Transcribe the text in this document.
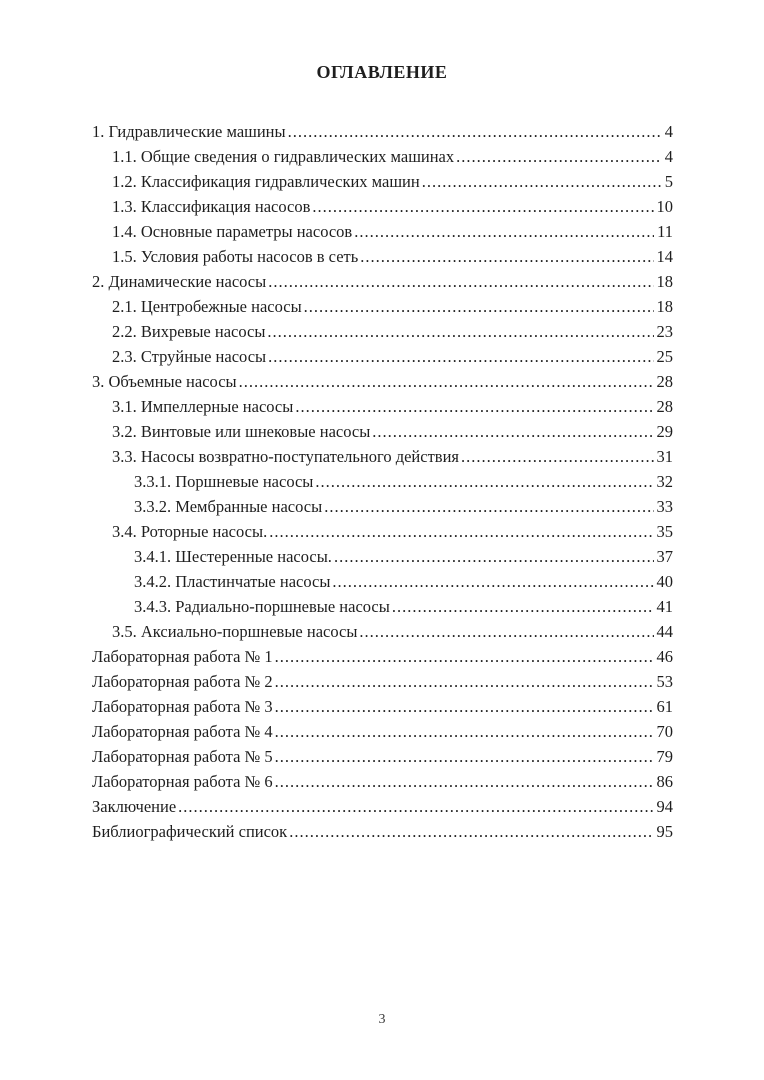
ОГЛАВЛЕНИЕ
1. Гидравлические машины .....	4
1.1. Общие сведения о гидравлических машинах .....	4
1.2. Классификация гидравлических машин .....	5
1.3. Классификация насосов .....	10
1.4. Основные параметры насосов .....	11
1.5. Условия работы насосов в сеть .....	14
2. Динамические насосы .....	18
2.1. Центробежные насосы .....	18
2.2. Вихревые насосы .....	23
2.3. Струйные насосы .....	25
3. Объемные насосы .....	28
3.1. Импеллерные насосы .....	28
3.2. Винтовые или шнековые насосы .....	29
3.3. Насосы возвратно-поступательного действия .....	31
3.3.1. Поршневые насосы .....	32
3.3.2. Мембранные насосы .....	33
3.4. Роторные насосы. .....	35
3.4.1. Шестеренные насосы. .....	37
3.4.2. Пластинчатые насосы .....	40
3.4.3. Радиально-поршневые насосы .....	41
3.5. Аксиально-поршневые насосы .....	44
Лабораторная работа № 1 .....	46
Лабораторная работа № 2 .....	53
Лабораторная работа № 3 .....	61
Лабораторная работа № 4 .....	70
Лабораторная работа № 5 .....	79
Лабораторная работа № 6 .....	86
Заключение .....	94
Библиографический список .....	95
3
